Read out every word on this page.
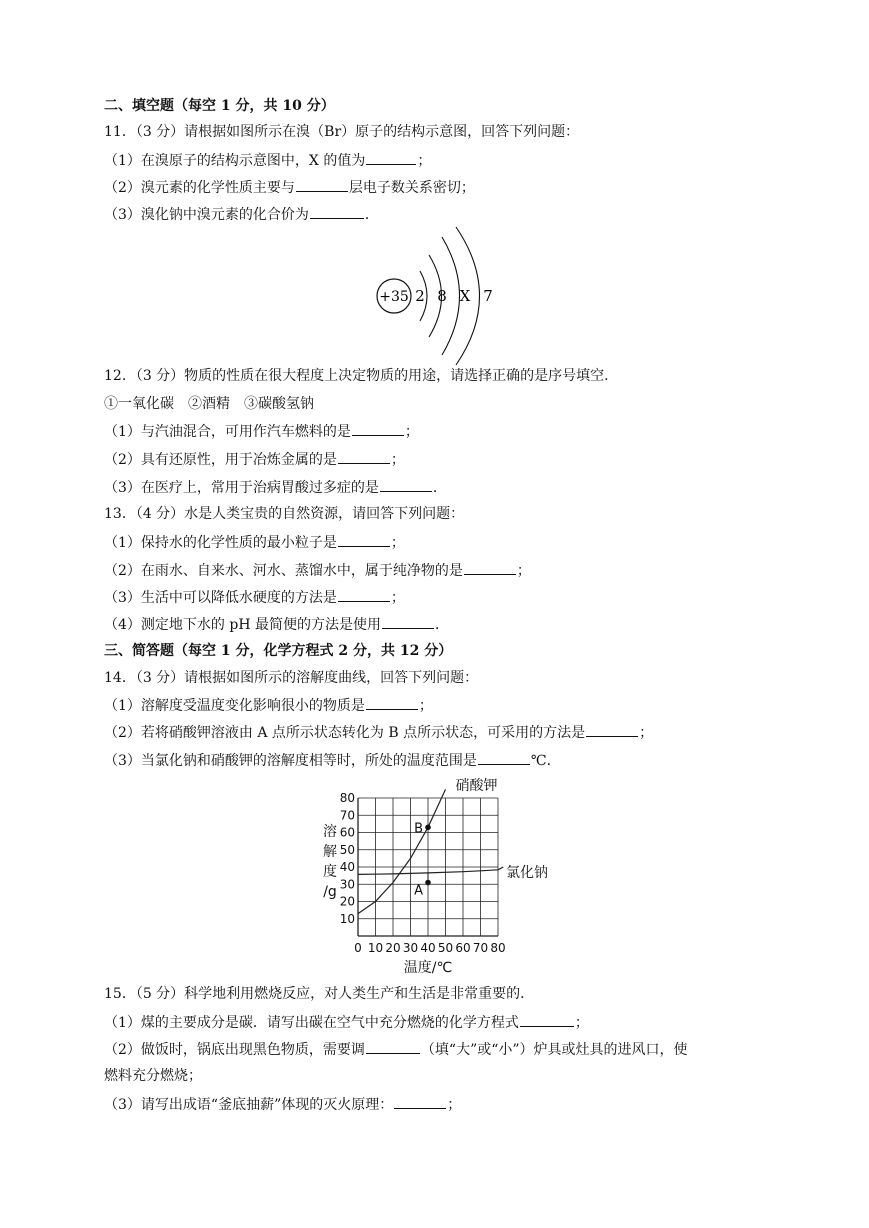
二、填空题（每空 1 分，共 10 分）
11．（3 分）请根据如图所示在溴（Br）原子的结构示意图，回答下列问题：
（1）在溴原子的结构示意图中，X 的值为	；
（2）溴元素的化学性质主要与	层电子数关系密切；
（3）溴化钠中溴元素的化合价为	．
+35 2 8 X 7
12．（3 分）物质的性质在很大程度上决定物质的用途，请选择正确的是序号填空．
①一氧化碳　②酒精　③碳酸氢钠
（1）与汽油混合，可用作汽车燃料的是	；
（2）具有还原性，用于冶炼金属的是	；
（3）在医疗上，常用于治病胃酸过多症的是	．
13．（4 分）水是人类宝贵的自然资源，请回答下列问题：
（1）保持水的化学性质的最小粒子是	；
（2）在雨水、自来水、河水、蒸馏水中，属于纯净物的是	；
（3）生活中可以降低水硬度的方法是	；
（4）测定地下水的 pH 最简便的方法是使用	．
三、简答题（每空 1 分，化学方程式 2 分，共 12 分）
14．（3 分）请根据如图所示的溶解度曲线，回答下列问题：
（1）溶解度受温度变化影响很小的物质是	；
（2）若将硝酸钾溶液由 A 点所示状态转化为 B 点所示状态，可采用的方法是	；
（3）当氯化钠和硝酸钾的溶解度相等时，所处的温度范围是	℃．
0 10 20 30 40 50 60 70 80
10
20
30
40
50
60
70
80
溶
解
度
/g
温度/℃
硝酸钾
氯化钠
A
B
15．（5 分）科学地利用燃烧反应，对人类生产和生活是非常重要的．
（1）煤的主要成分是碳．请写出碳在空气中充分燃烧的化学方程式	；
（2）做饭时，锅底出现黑色物质，需要调	（填“大”或“小”）炉具或灶具的进风口，使
燃料充分燃烧；
（3）请写出成语“釜底抽薪”体现的灭火原理：	；
